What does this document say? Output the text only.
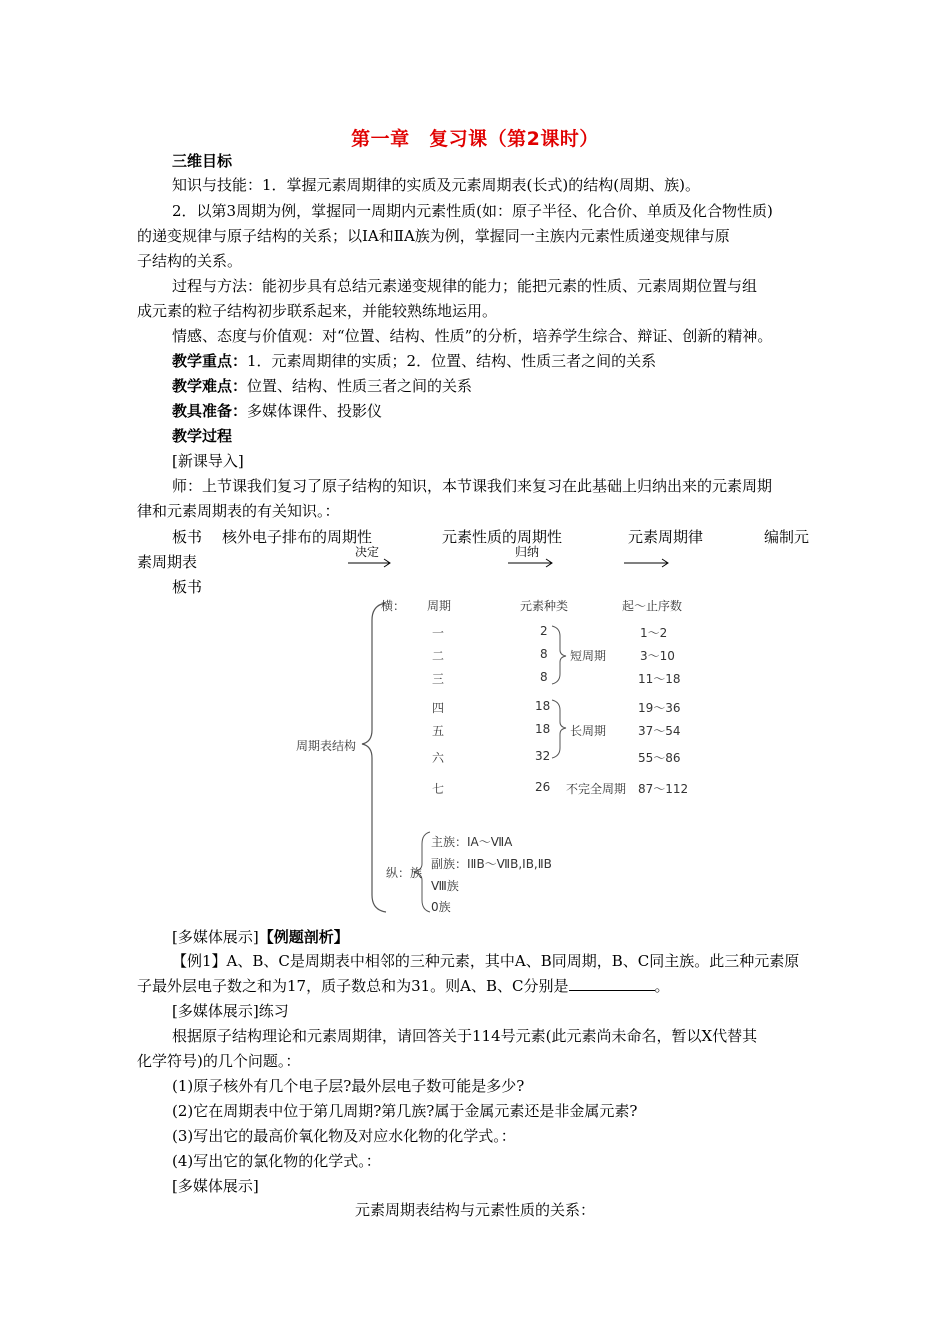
第一章　复习课（第2课时）
三维目标
知识与技能：1．掌握元素周期律的实质及元素周期表(长式)的结构(周期、族)。
2．以第3周期为例，掌握同一周期内元素性质(如：原子半径、化合价、单质及化合物性质)
的递变规律与原子结构的关系；以ⅠA和ⅡA族为例，掌握同一主族内元素性质递变规律与原
子结构的关系。
过程与方法：能初步具有总结元素递变规律的能力；能把元素的性质、元素周期位置与组
成元素的粒子结构初步联系起来，并能较熟练地运用。
情感、态度与价值观：对“位置、结构、性质”的分析，培养学生综合、辩证、创新的精神。
教学重点：1．元素周期律的实质；2．位置、结构、性质三者之间的关系
教学难点：位置、结构、性质三者之间的关系
教具准备：多媒体课件、投影仪
教学过程
[新课导入]
师：上节课我们复习了原子结构的知识，本节课我们来复习在此基础上归纳出来的元素周期
律和元素周期表的有关知识。：
板书 核外电子排布的周期性
决定
元素性质的周期性
归纳
元素周期律	编制元
素周期表
板书
横： 周期	元素种类	起～止序数
一	2	1～2
二	8	3～10
短周期
三	8	11～18
四	18	19～36
五	18	37～54
长周期
六	32	55～86
周期表结构
七	26 不完全周期 87～112
纵：族
主族：ⅠA～ⅦA
副族：ⅠⅡB～ⅦB,ⅠB,ⅡB
Ⅷ族
0族
[多媒体展示]【例题剖析】
【例1】A、B、C是周期表中相邻的三种元素，其中A、B同周期，B、C同主族。此三种元素原
子最外层电子数之和为17，质子数总和为31。则A、B、C分别是	。
[多媒体展示]练习
根据原子结构理论和元素周期律，请回答关于114号元素(此元素尚未命名，暂以X代替其
化学符号)的几个问题。：
(1)原子核外有几个电子层?最外层电子数可能是多少?
(2)它在周期表中位于第几周期?第几族?属于金属元素还是非金属元素?
(3)写出它的最高价氧化物及对应水化物的化学式。：
(4)写出它的氯化物的化学式。：
[多媒体展示]
元素周期表结构与元素性质的关系：
